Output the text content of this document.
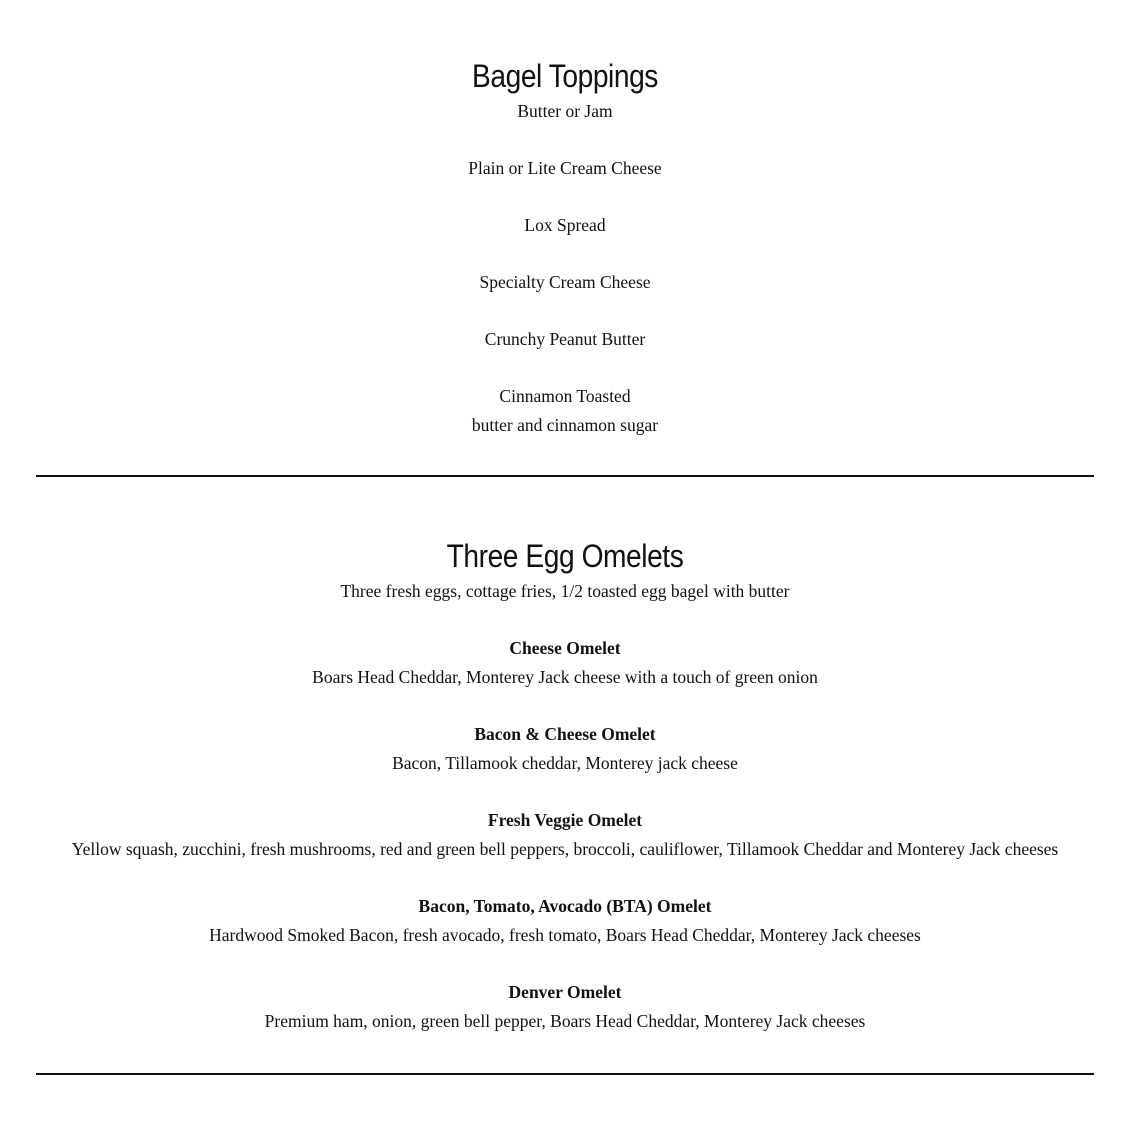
Bagel Toppings

Butter or Jam

Plain or Lite Cream Cheese

Lox Spread

Specialty Cream Cheese

Crunchy Peanut Butter

Cinnamon Toasted

butter and cinnamon sugar

Three Egg Omelets

Three fresh eggs, cottage fries, 1/2 toasted egg bagel with butter

Cheese Omelet

Boars Head Cheddar, Monterey Jack cheese with a touch of green onion

Bacon & Cheese Omelet

Bacon, Tillamook cheddar, Monterey jack cheese

Fresh Veggie Omelet

Yellow squash, zucchini, fresh mushrooms, red and green bell peppers, broccoli, cauliflower, Tillamook Cheddar and Monterey Jack cheeses

Bacon, Tomato, Avocado (BTA) Omelet

Hardwood Smoked Bacon, fresh avocado, fresh tomato, Boars Head Cheddar, Monterey Jack cheeses

Denver Omelet

Premium ham, onion, green bell pepper, Boars Head Cheddar, Monterey Jack cheeses
